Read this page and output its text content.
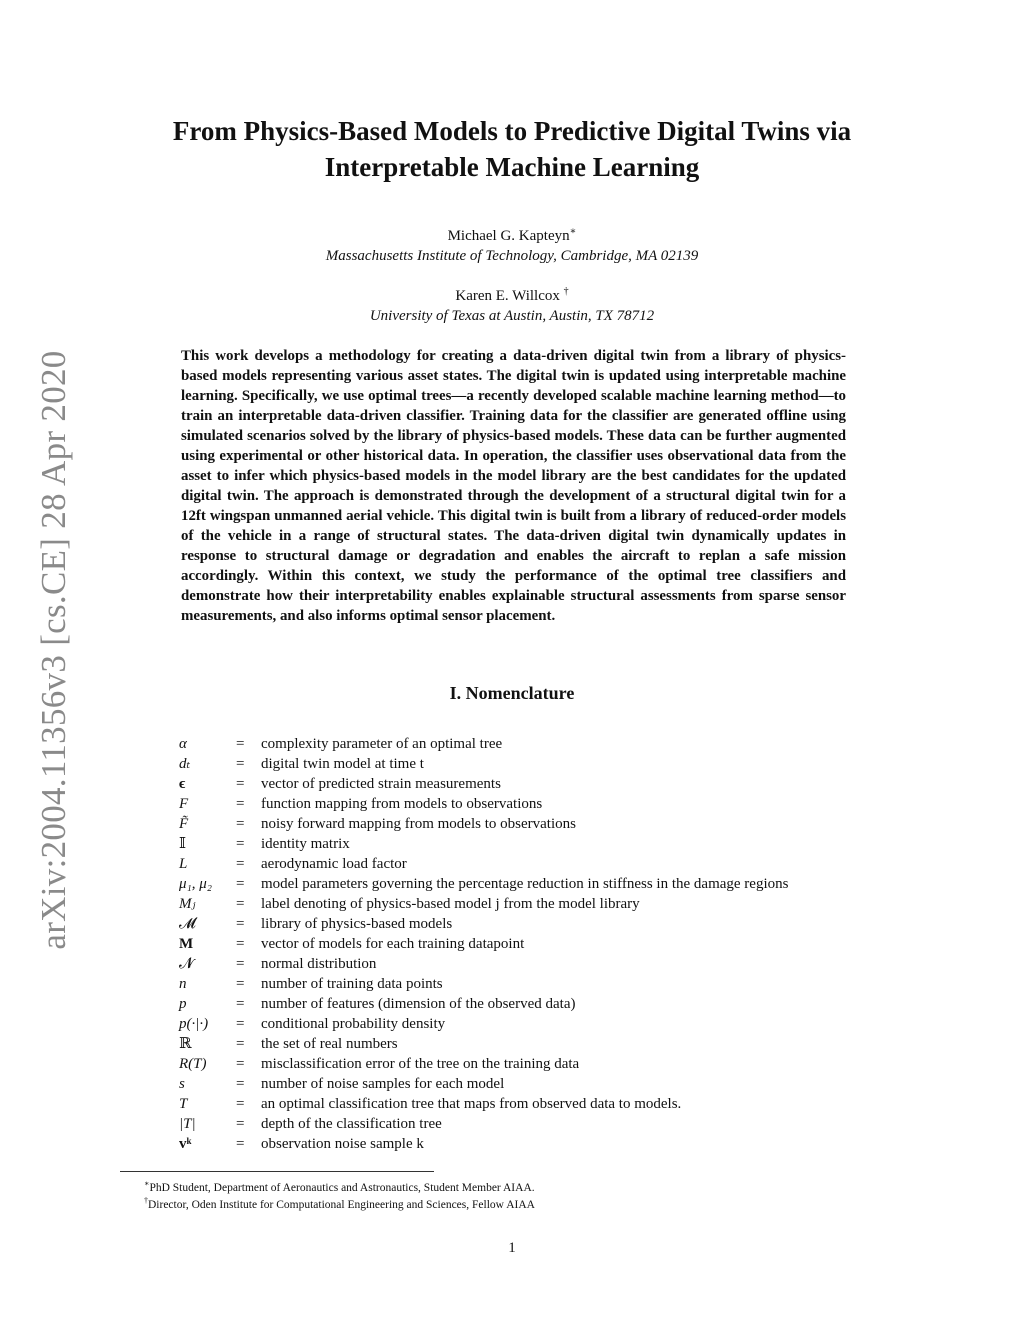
arXiv:2004.11356v3 [cs.CE] 28 Apr 2020
From Physics-Based Models to Predictive Digital Twins via
Interpretable Machine Learning
Michael G. Kapteyn∗
Massachusetts Institute of Technology, Cambridge, MA 02139
Karen E. Willcox †
University of Texas at Austin, Austin, TX 78712

This work develops a methodology for creating a data-driven digital twin from a library of physics-based models representing various asset states. The digital twin is updated using interpretable machine learning. Specifically, we use optimal trees—a recently developed scalable machine learning method—to train an interpretable data-driven classifier. Training data for the classifier are generated offline using simulated scenarios solved by the library of physics-based models. These data can be further augmented using experimental or other historical data. In operation, the classifier uses observational data from the asset to infer which physics-based models in the model library are the best candidates for the updated digital twin. The approach is demonstrated through the development of a structural digital twin for a 12ft wingspan unmanned aerial vehicle. This digital twin is built from a library of reduced-order models of the vehicle in a range of structural states. The data-driven digital twin dynamically updates in response to structural damage or degradation and enables the aircraft to replan a safe mission accordingly. Within this context, we study the performance of the optimal tree classifiers and demonstrate how their interpretability enables explainable structural assessments from sparse sensor measurements, and also informs optimal sensor placement.

I. Nomenclature
α	= complexity parameter of an optimal tree
dₜ	= digital twin model at time t
ϵ	= vector of predicted strain measurements
F	= function mapping from models to observations
F̃	= noisy forward mapping from models to observations
𝕀	= identity matrix
L	= aerodynamic load factor
μ₁, μ₂ = model parameters governing the percentage reduction in stiffness in the damage regions
Mⱼ	= label denoting of physics-based model j from the model library
𝓜	= library of physics-based models
M	= vector of models for each training datapoint
𝓝	= normal distribution
n	= number of training data points
p	= number of features (dimension of the observed data)
p(·|·) = conditional probability density
ℝ	= the set of real numbers
R(T) = misclassification error of the tree on the training data
s	= number of noise samples for each model
T	= an optimal classification tree that maps from observed data to models.
|T|	= depth of the classification tree
vᵏ	= observation noise sample k
∗PhD Student, Department of Aeronautics and Astronautics, Student Member AIAA.
†Director, Oden Institute for Computational Engineering and Sciences, Fellow AIAA
1
